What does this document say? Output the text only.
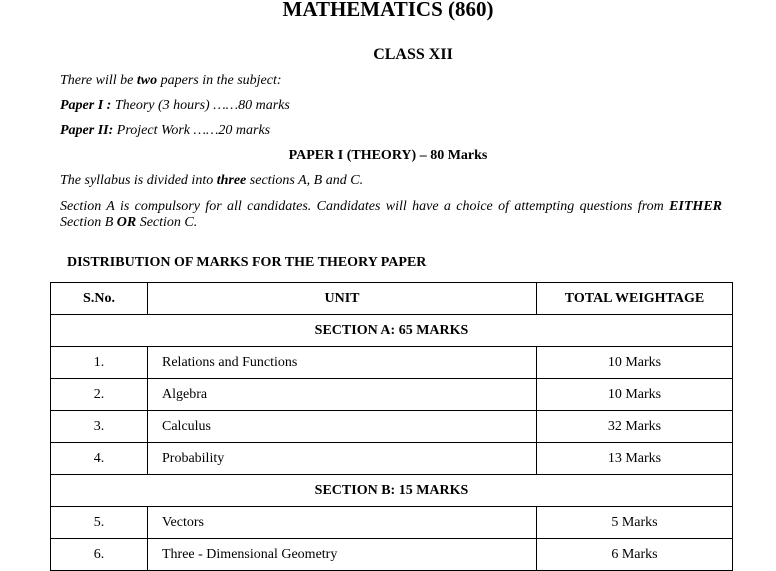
MATHEMATICS (860)
CLASS XII
There will be two papers in the subject:
Paper I : Theory (3 hours) ……80 marks
Paper II: Project Work ……20 marks
PAPER I (THEORY) – 80 Marks
The syllabus is divided into three sections A, B and C.
Section A is compulsory for all candidates. Candidates will have a choice of attempting questions from EITHER Section B OR Section C.
DISTRIBUTION OF MARKS FOR THE THEORY PAPER
S.No.	UNIT	TOTAL WEIGHTAGE
SECTION A: 65 MARKS		
1.	Relations and Functions	10 Marks
2.	Algebra	10 Marks
3.	Calculus	32 Marks
4.	Probability	13 Marks
SECTION B: 15 MARKS		
5.	Vectors	5 Marks
6.	Three - Dimensional Geometry	6 Marks
